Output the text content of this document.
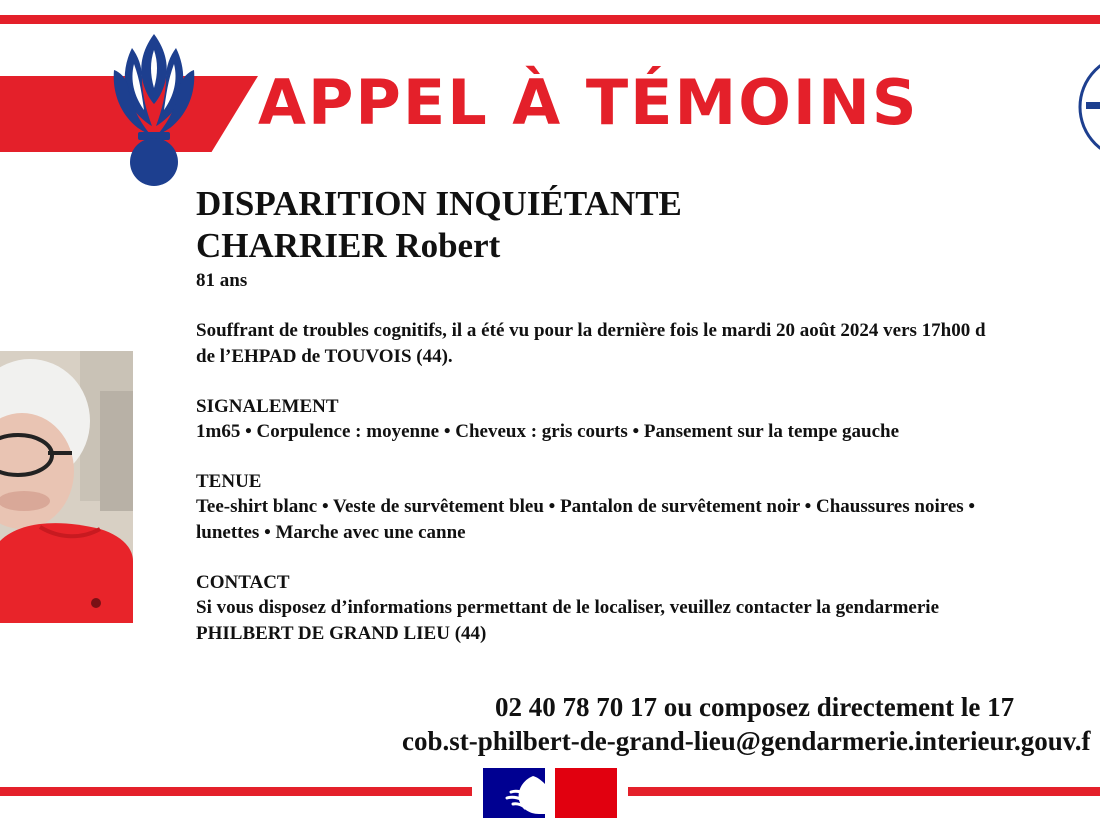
APPEL À TÉMOINS
DISPARITION INQUIÉTANTE
CHARRIER Robert
81 ans
Souffrant de troubles cognitifs, il a été vu pour la dernière fois le mardi 20 août 2024 vers 17h00 d
de l’EHPAD de TOUVOIS (44).
SIGNALEMENT
1m65 • Corpulence : moyenne • Cheveux : gris courts • Pansement sur la tempe gauche
TENUE
Tee-shirt blanc • Veste de survêtement bleu • Pantalon de survêtement noir • Chaussures noires •
lunettes • Marche avec une canne
CONTACT
Si vous disposez d’informations permettant de le localiser, veuillez contacter la gendarmerie
PHILBERT DE GRAND LIEU (44)
02 40 78 70 17 ou composez directement le 17
cob.st-philbert-de-grand-lieu@gendarmerie.interieur.gouv.f
